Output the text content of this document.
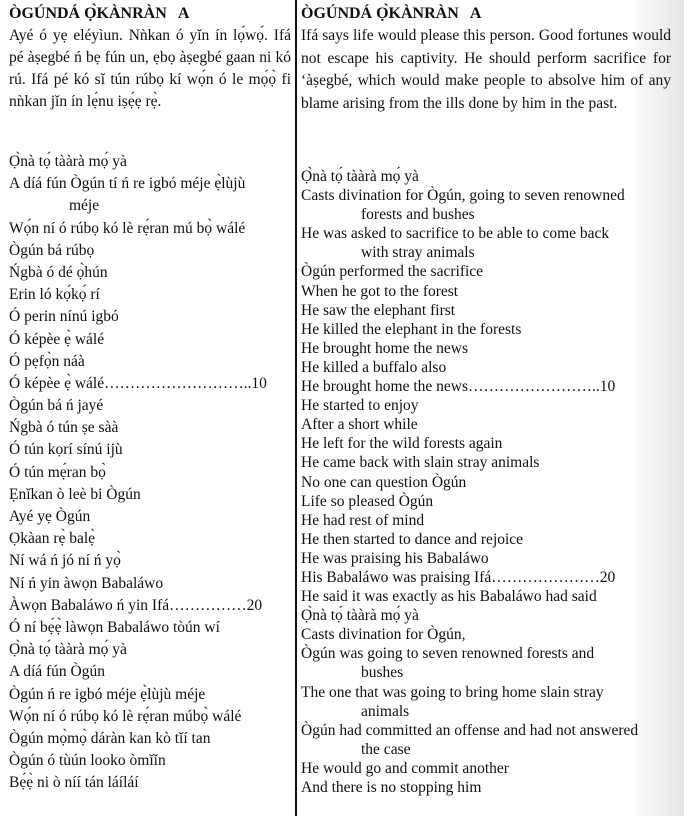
ÒGÚNDÁ Ọ̀KÀNRÀN   A

Ayé ó yẹ eléyìun. Nǹkan ó yǐn ín lọ́wọ́. Ifá pé àṣegbé ń bẹ fún un, ẹbọ àṣegbé gaan ni kó rú. Ifá pé kó sǐ tún rúbọ kí wọ́n ó le mọ́ọ̀ fi nǹkan jǐn ín lẹ́nu iṣẹ́ẹ rẹ̀.

Ọ̀nà tọ́ tààrà mọ́ yà
A díá fún Ògún tí ń re igbó méje ẹ̀lùjù
méje
Wọ́n ní ó rúbọ kó lè rẹ́ran mú bọ̀ wálé
Ògún bá rúbọ
Ńgbà ó dé ọ̀hún
Erin ló kọ́kọ́ rí
Ó perin nínú igbó
Ó képèe ẹ̀ wálé
Ó pẹfọ̀n náà
Ó képèe ẹ̀ wálé………………………..10
Ògún bá ń jayé
Ńgbà ó tún ṣe sàà
Ó tún kọrí sínú ijù
Ó tún mẹ́ran bọ̀
Ẹnǐkan ò leè bi Ògún
Ayé yẹ Ògún
Ọkàan rẹ̀ balẹ̀
Ní wá ń jó ní ń yọ̀
Ní ń yin àwọn Babaláwo
Àwọn Babaláwo ń yin Ifá……………20
Ó ní bẹ́ẹ̀ làwọn Babaláwo tòún wí
Ọ̀nà tọ́ tààrà mọ́ yà
A díá fún Ògún
Ògún ń re igbó méje ẹ̀lùjù méje
Wọ́n ní ó rúbọ kó lè rẹ́ran múbọ̀ wálé
Ògún mọ̀mọ̀ dáràn kan kò tǐí tan
Ògún ó tùún looko òmǐǐn
Bẹ́ẹ̀ ni ò níí tán láíláí
ÒGÚNDÁ Ọ̀KÀNRÀN   A

Ifá says life would please this person. Good fortunes would not escape his captivity. He should perform sacrifice for ‘àṣegbé, which would make people to absolve him of any blame arising from the ills done by him in the past.

Ọ̀nà tọ́ tààrà mọ́ yà
Casts divination for Ògún, going to seven renowned
forests and bushes
He was asked to sacrifice to be able to come back
with stray animals
Ògún performed the sacrifice
When he got to the forest
He saw the elephant first
He killed the elephant in the forests
He brought home the news
He killed a buffalo also
He brought home the news……………………..10
He started to enjoy
After a short while
He left for the wild forests again
He came back with slain stray animals
No one can question Ògún
Life so pleased Ògún
He had rest of mind
He then started to dance and rejoice
He was praising his Babaláwo
His Babaláwo was praising Ifá…………………20
He said it was exactly as his Babaláwo had said
Ọ̀nà tọ́ tààrà mọ́ yà
Casts divination for Ògún,
Ògún was going to seven renowned forests and
bushes
The one that was going to bring home slain stray
animals
Ògún had committed an offense and had not answered
the case
He would go and commit another
And there is no stopping him
